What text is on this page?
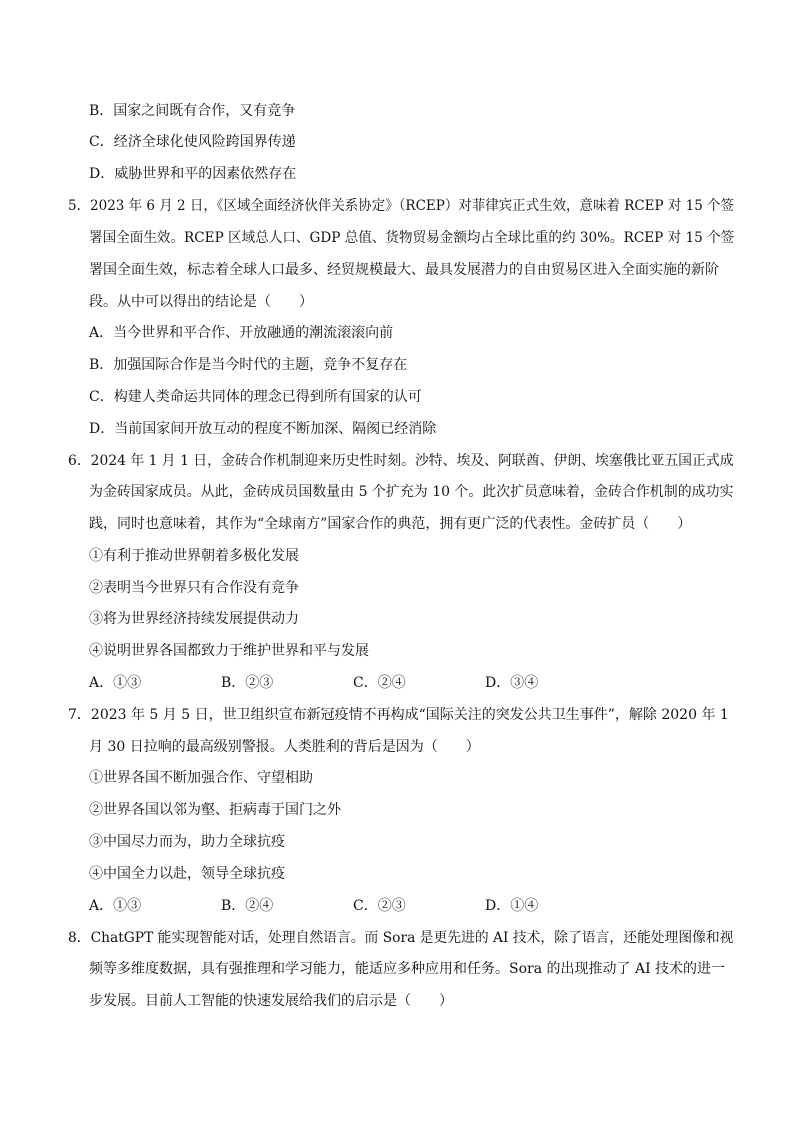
B．国家之间既有合作，又有竞争
C．经济全球化使风险跨国界传递
D．威胁世界和平的因素依然存在
5．2023 年 6 月 2 日，《区域全面经济伙伴关系协定》（RCEP）对菲律宾正式生效，意味着 RCEP 对 15 个签
署国全面生效。RCEP 区域总人口、GDP 总值、货物贸易金额均占全球比重的约 30%。RCEP 对 15 个签
署国全面生效，标志着全球人口最多、经贸规模最大、最具发展潜力的自由贸易区进入全面实施的新阶
段。从中可以得出的结论是（　　）
A．当今世界和平合作、开放融通的潮流滚滚向前
B．加强国际合作是当今时代的主题，竞争不复存在
C．构建人类命运共同体的理念已得到所有国家的认可
D．当前国家间开放互动的程度不断加深、隔阂已经消除
6．2024 年 1 月 1 日，金砖合作机制迎来历史性时刻。沙特、埃及、阿联酋、伊朗、埃塞俄比亚五国正式成
为金砖国家成员。从此，金砖成员国数量由 5 个扩充为 10 个。此次扩员意味着，金砖合作机制的成功实
践，同时也意味着，其作为“全球南方”国家合作的典范，拥有更广泛的代表性。金砖扩员（　　）
①有利于推动世界朝着多极化发展
②表明当今世界只有合作没有竞争
③将为世界经济持续发展提供动力
④说明世界各国都致力于维护世界和平与发展
A．①③	B．②③	C．②④	D．③④
7．2023 年 5 月 5 日，世卫组织宣布新冠疫情不再构成“国际关注的突发公共卫生事件”，解除 2020 年 1
月 30 日拉响的最高级别警报。人类胜利的背后是因为（　　）
①世界各国不断加强合作、守望相助
②世界各国以邻为壑、拒病毒于国门之外
③中国尽力而为，助力全球抗疫
④中国全力以赴，领导全球抗疫
A．①③	B．②④	C．②③	D．①④
8．ChatGPT 能实现智能对话，处理自然语言。而 Sora 是更先进的 AI 技术，除了语言，还能处理图像和视
频等多维度数据，具有强推理和学习能力，能适应多种应用和任务。Sora 的出现推动了 AI 技术的进一
步发展。目前人工智能的快速发展给我们的启示是（　　）
